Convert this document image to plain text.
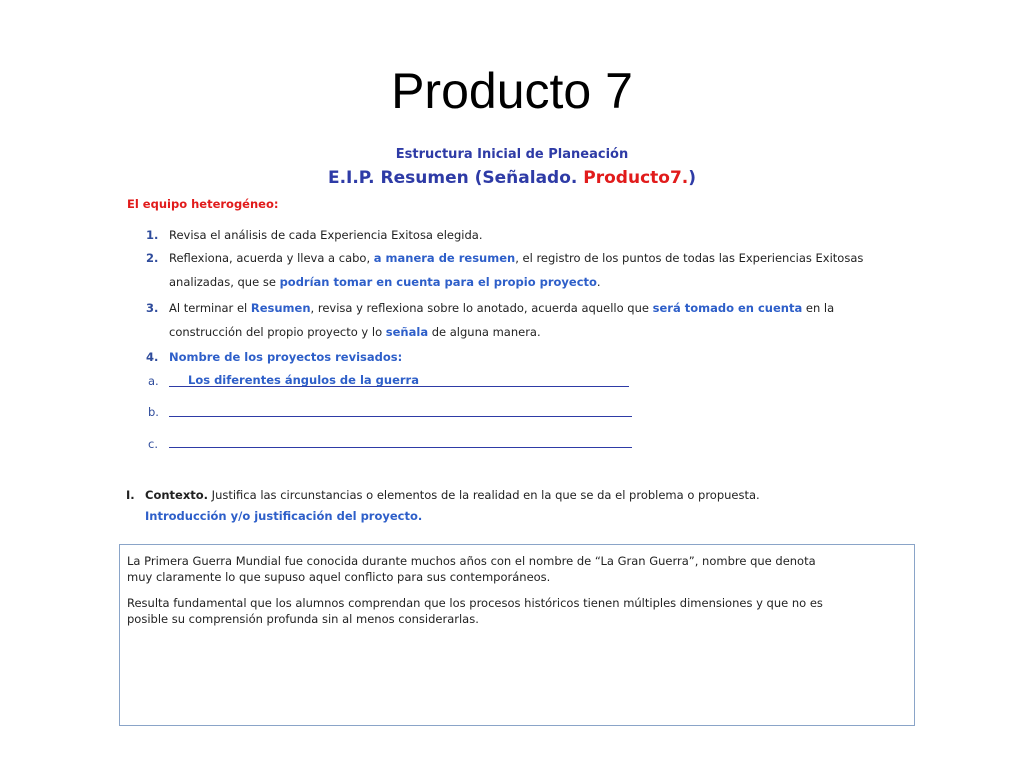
Producto 7
Estructura Inicial de Planeación
E.I.P. Resumen (Señalado. Producto7.)
El equipo heterogéneo:
1. Revisa el análisis de cada Experiencia Exitosa elegida.
2. Reflexiona, acuerda y lleva a cabo, a manera de resumen, el registro de los puntos de todas las Experiencias Exitosas
analizadas, que se podrían tomar en cuenta para el propio proyecto.
3. Al terminar el Resumen, revisa y reflexiona sobre lo anotado, acuerda aquello que será tomado en cuenta en la
construcción del propio proyecto y lo señala de alguna manera.
4. Nombre de los proyectos revisados:
a.	Los diferentes ángulos de la guerra
b.
c.
I. Contexto. Justifica las circunstancias o elementos de la realidad en la que se da el problema o propuesta.
Introducción y/o justificación del proyecto.
La Primera Guerra Mundial fue conocida durante muchos años con el nombre de “La Gran Guerra”, nombre que denota
muy claramente lo que supuso aquel conflicto para sus contemporáneos.
Resulta fundamental que los alumnos comprendan que los procesos históricos tienen múltiples dimensiones y que no es
posible su comprensión profunda sin al menos considerarlas.
